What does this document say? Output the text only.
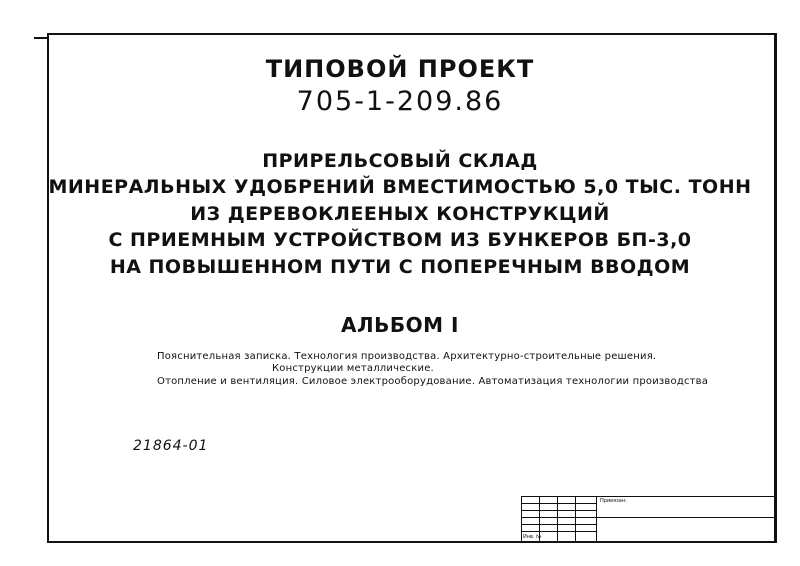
ТИПОВОЙ ПРОЕКТ
705-1-209.86
ПРИРЕЛЬСОВЫЙ СКЛАД
МИНЕРАЛЬНЫХ УДОБРЕНИЙ ВМЕСТИМОСТЬЮ 5,0 ТЫС. ТОНН
ИЗ ДЕРЕВОКЛЕЕНЫХ КОНСТРУКЦИЙ
С ПРИЕМНЫМ УСТРОЙСТВОМ ИЗ БУНКЕРОВ БП-3,0
НА ПОВЫШЕННОМ ПУТИ С ПОПЕРЕЧНЫМ ВВОДОМ
АЛЬБОМ I
Пояснительная записка. Технология производства. Архитектурно-строительные решения.
Конструкции металлические.
Отопление и вентиляция. Силовое электрооборудование. Автоматизация технологии производства
21864-01
Привязан:
Инв. №
